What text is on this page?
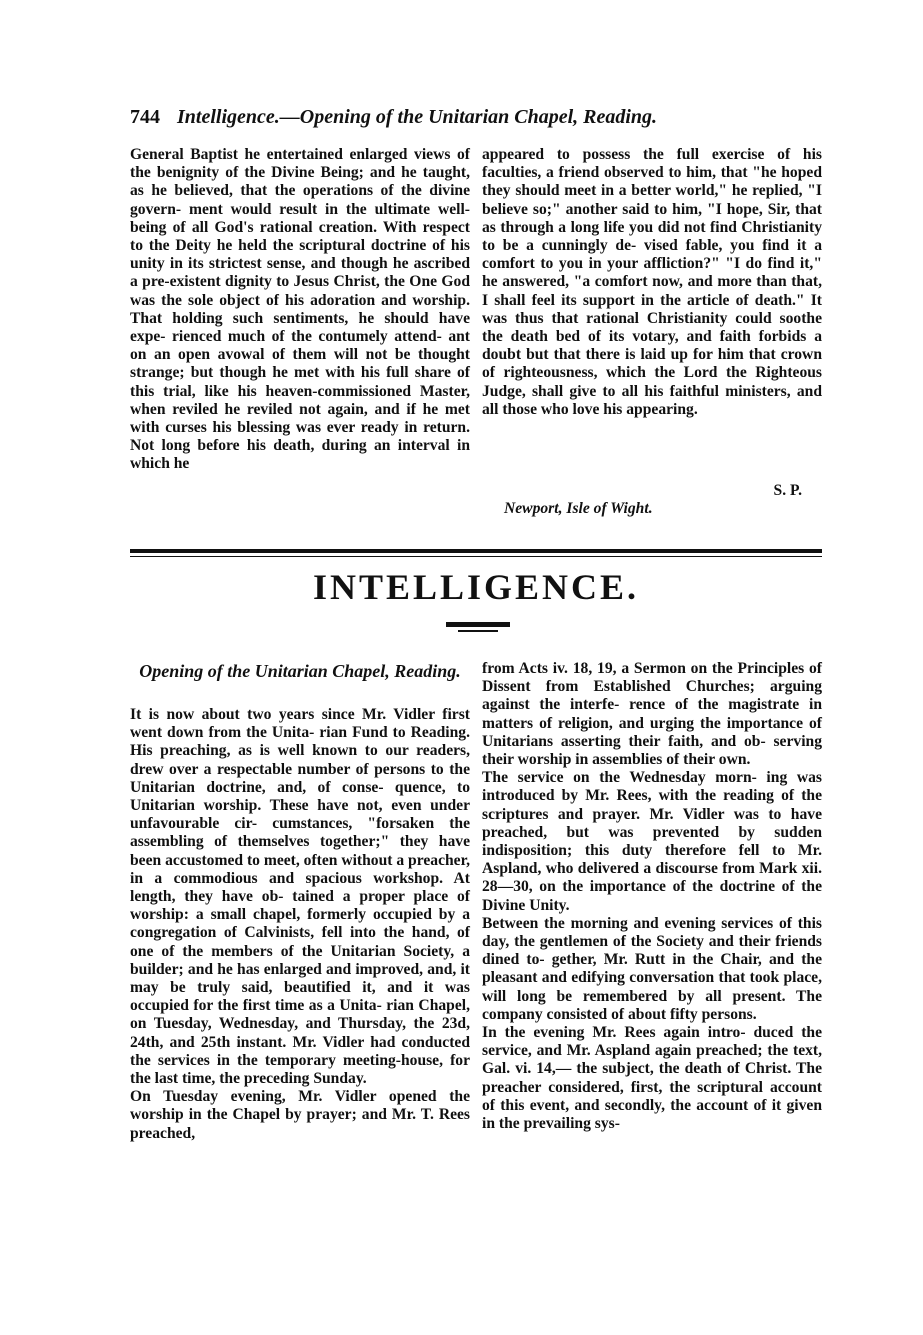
744 Intelligence.—Opening of the Unitarian Chapel, Reading.
General Baptist he entertained enlarged views of the benignity of the Divine Being; and he taught, as he believed, that the operations of the divine govern- ment would result in the ultimate well- being of all God's rational creation. With respect to the Deity he held the scriptural doctrine of his unity in its strictest sense, and though he ascribed a pre-existent dignity to Jesus Christ, the One God was the sole object of his adoration and worship. That holding such sentiments, he should have expe- rienced much of the contumely attend- ant on an open avowal of them will not be thought strange; but though he met with his full share of this trial, like his heaven-commissioned Master, when reviled he reviled not again, and if he met with curses his blessing was ever ready in return. Not long before his death, during an interval in which he
appeared to possess the full exercise of his faculties, a friend observed to him, that "he hoped they should meet in a better world," he replied, "I believe so;" another said to him, "I hope, Sir, that as through a long life you did not find Christianity to be a cunningly de- vised fable, you find it a comfort to you in your affliction?" "I do find it," he answered, "a comfort now, and more than that, I shall feel its support in the article of death." It was thus that rational Christianity could soothe the death bed of its votary, and faith forbids a doubt but that there is laid up for him that crown of righteousness, which the Lord the Righteous Judge, shall give to all his faithful ministers, and all those who love his appearing.
S. P.
Newport, Isle of Wight.
INTELLIGENCE.
Opening of the Unitarian Chapel, Reading.
It is now about two years since Mr. Vidler first went down from the Unita- rian Fund to Reading. His preaching, as is well known to our readers, drew over a respectable number of persons to the Unitarian doctrine, and, of conse- quence, to Unitarian worship. These have not, even under unfavourable cir- cumstances, "forsaken the assembling of themselves together;" they have been accustomed to meet, often without a preacher, in a commodious and spacious workshop. At length, they have ob- tained a proper place of worship: a small chapel, formerly occupied by a congregation of Calvinists, fell into the hand, of one of the members of the Unitarian Society, a builder; and he has enlarged and improved, and, it may be truly said, beautified it, and it was occupied for the first time as a Unita- rian Chapel, on Tuesday, Wednesday, and Thursday, the 23d, 24th, and 25th instant. Mr. Vidler had conducted the services in the temporary meeting-house, for the last time, the preceding Sunday.
On Tuesday evening, Mr. Vidler opened the worship in the Chapel by prayer; and Mr. T. Rees preached,
from Acts iv. 18, 19, a Sermon on the Principles of Dissent from Established Churches; arguing against the interfe- rence of the magistrate in matters of religion, and urging the importance of Unitarians asserting their faith, and ob- serving their worship in assemblies of their own.
The service on the Wednesday morn- ing was introduced by Mr. Rees, with the reading of the scriptures and prayer. Mr. Vidler was to have preached, but was prevented by sudden indisposition; this duty therefore fell to Mr. Aspland, who delivered a discourse from Mark xii. 28—30, on the importance of the doctrine of the Divine Unity.
Between the morning and evening services of this day, the gentlemen of the Society and their friends dined to- gether, Mr. Rutt in the Chair, and the pleasant and edifying conversation that took place, will long be remembered by all present. The company consisted of about fifty persons.
In the evening Mr. Rees again intro- duced the service, and Mr. Aspland again preached; the text, Gal. vi. 14,— the subject, the death of Christ. The preacher considered, first, the scriptural account of this event, and secondly, the account of it given in the prevailing sys-
